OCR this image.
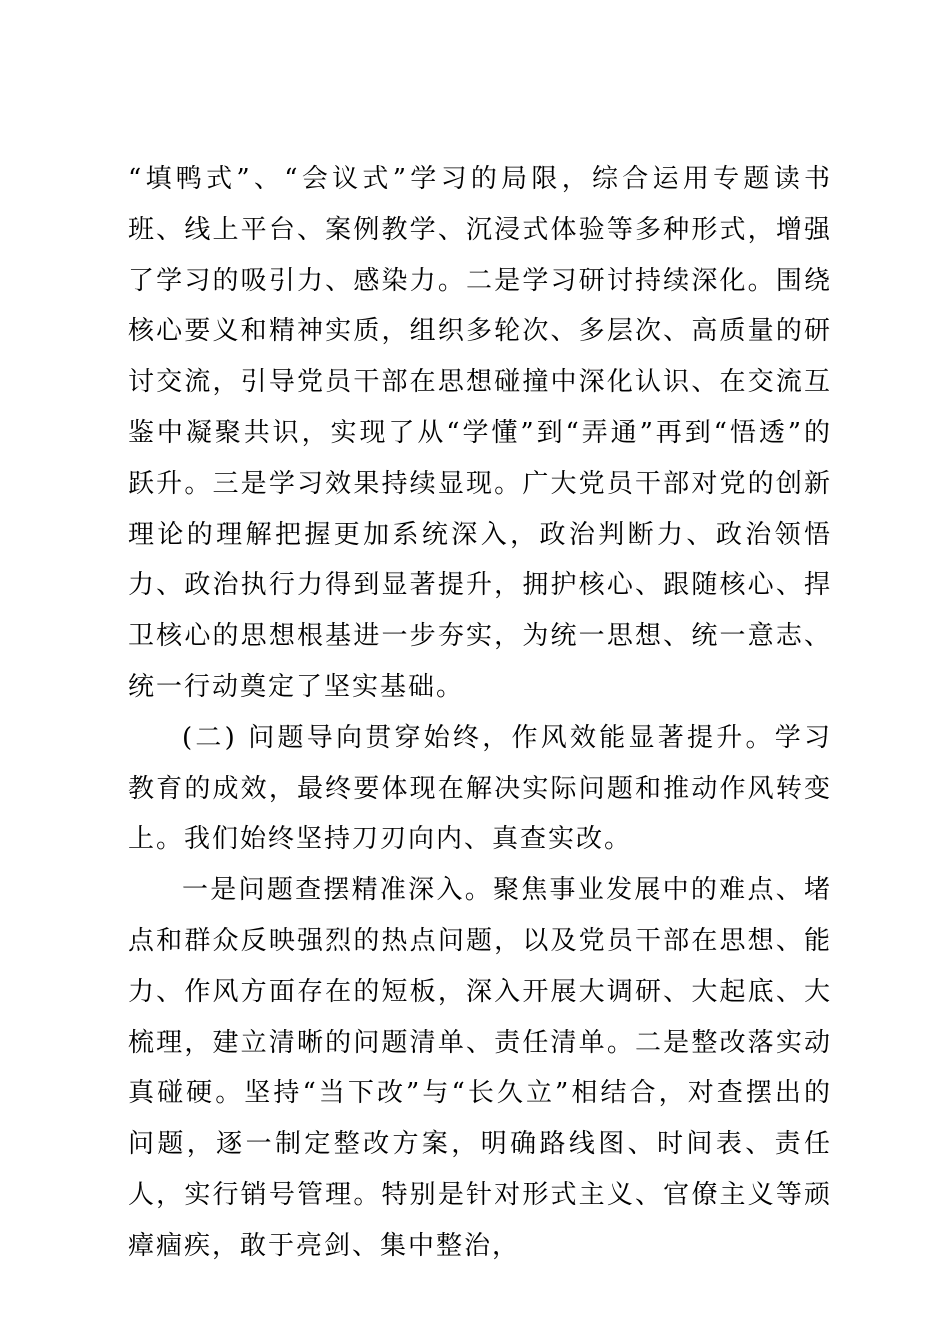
“填鸭式”、“会议式”学习的局限，综合运用专题读书班、线上平台、案例教学、沉浸式体验等多种形式，增强了学习的吸引力、感染力。二是学习研讨持续深化。围绕核心要义和精神实质，组织多轮次、多层次、高质量的研讨交流，引导党员干部在思想碰撞中深化认识、在交流互鉴中凝聚共识，实现了从“学懂”到“弄通”再到“悟透”的跃升。三是学习效果持续显现。广大党员干部对党的创新理论的理解把握更加系统深入，政治判断力、政治领悟力、政治执行力得到显著提升，拥护核心、跟随核心、捍卫核心的思想根基进一步夯实，为统一思想、统一意志、统一行动奠定了坚实基础。

(二) 问题导向贯穿始终，作风效能显著提升。学习教育的成效，最终要体现在解决实际问题和推动作风转变上。我们始终坚持刀刃向内、真查实改。

一是问题查摆精准深入。聚焦事业发展中的难点、堵点和群众反映强烈的热点问题，以及党员干部在思想、能力、作风方面存在的短板，深入开展大调研、大起底、大梳理，建立清晰的问题清单、责任清单。二是整改落实动真碰硬。坚持“当下改”与“长久立”相结合，对查摆出的问题，逐一制定整改方案，明确路线图、时间表、责任人，实行销号管理。特别是针对形式主义、官僚主义等顽瘴痼疾，敢于亮剑、集中整治，
